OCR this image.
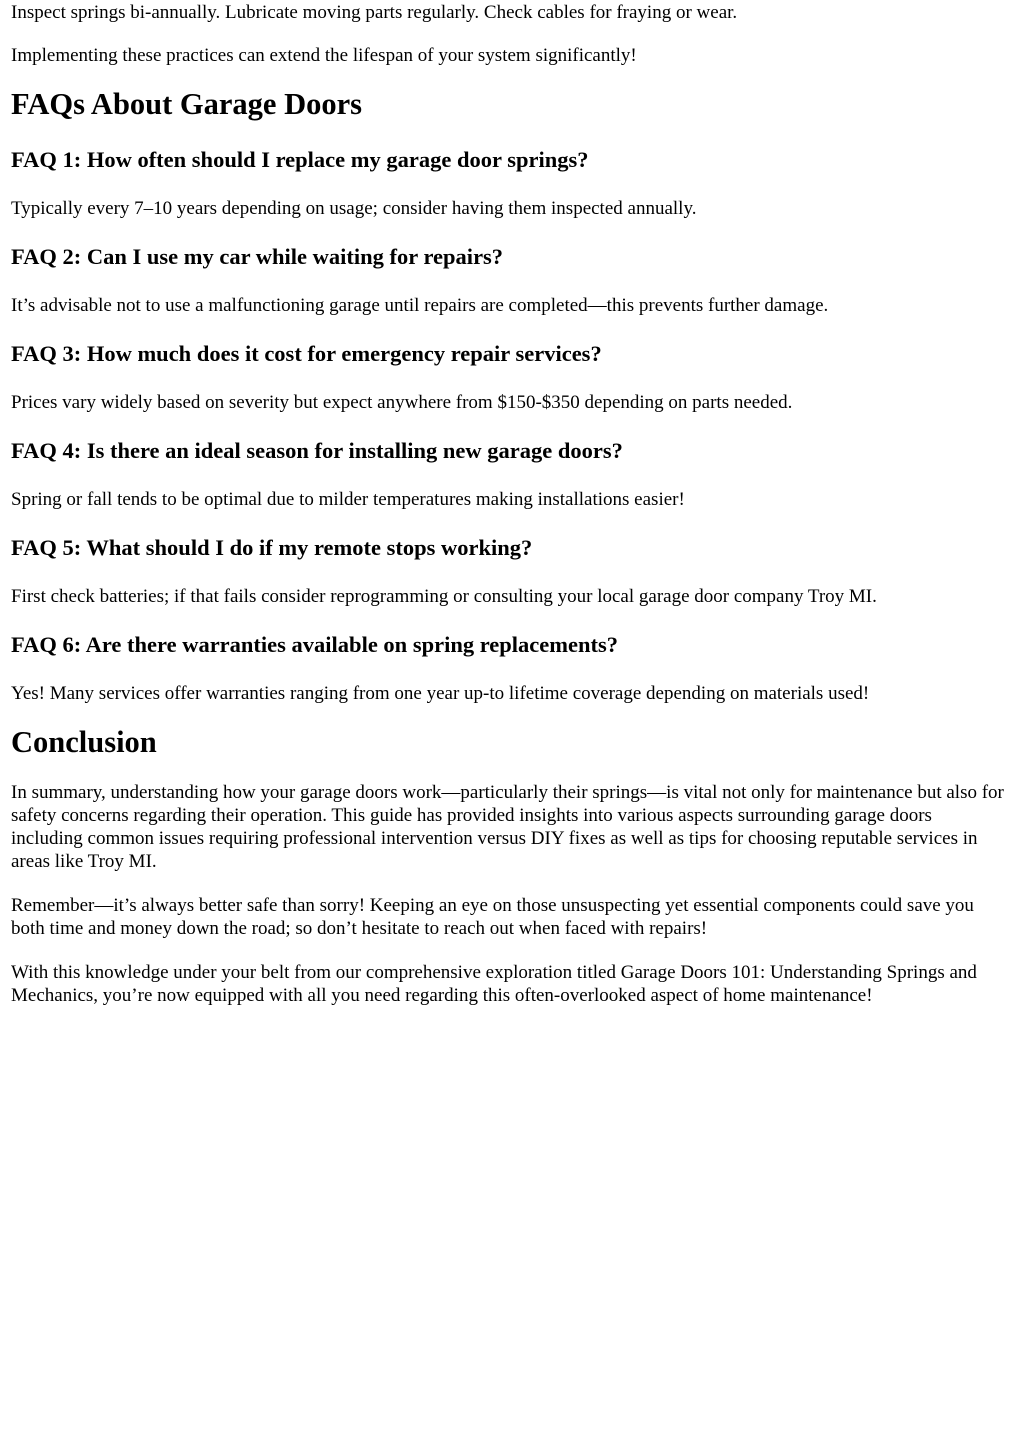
Inspect springs bi-annually. Lubricate moving parts regularly. Check cables for fraying or wear.

Implementing these practices can extend the lifespan of your system significantly!

FAQs About Garage Doors
FAQ 1: How often should I replace my garage door springs?

Typically every 7–10 years depending on usage; consider having them inspected annually.

FAQ 2: Can I use my car while waiting for repairs?

It’s advisable not to use a malfunctioning garage until repairs are completed—this prevents further damage.

FAQ 3: How much does it cost for emergency repair services?

Prices vary widely based on severity but expect anywhere from $150-$350 depending on parts needed.

FAQ 4: Is there an ideal season for installing new garage doors?

Spring or fall tends to be optimal due to milder temperatures making installations easier!

FAQ 5: What should I do if my remote stops working?

First check batteries; if that fails consider reprogramming or consulting your local garage door company Troy MI.

FAQ 6: Are there warranties available on spring replacements?

Yes! Many services offer warranties ranging from one year up-to lifetime coverage depending on materials used!

Conclusion

In summary, understanding how your garage doors work—particularly their springs—is vital not only for maintenance but also for safety concerns regarding their operation. This guide has provided insights into various aspects surrounding garage doors including common issues requiring professional intervention versus DIY fixes as well as tips for choosing reputable services in areas like Troy MI.

Remember—it’s always better safe than sorry! Keeping an eye on those unsuspecting yet essential components could save you both time and money down the road; so don’t hesitate to reach out when faced with repairs!

With this knowledge under your belt from our comprehensive exploration titled Garage Doors 101: Understanding Springs and Mechanics, you’re now equipped with all you need regarding this often-overlooked aspect of home maintenance!
